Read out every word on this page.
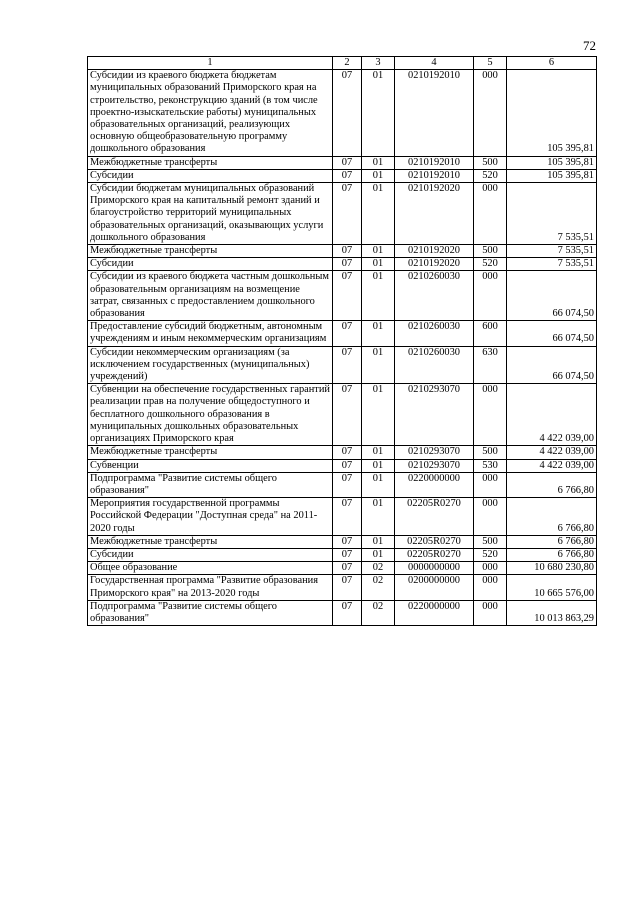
72
1	2	3	4	5	6
Субсидии из краевого бюджета бюджетам муниципальных образований Приморского края на строительство, реконструкцию зданий (в том числе проектно-изыскательские работы) муниципальных образовательных организаций, реализующих основную общеобразовательную программу дошкольного образования	07	01	0210192010	000	105 395,81
Межбюджетные трансферты	07	01	0210192010	500	105 395,81
Субсидии	07	01	0210192010	520	105 395,81
Субсидии бюджетам муниципальных образований Приморского края на капитальный ремонт зданий и благоустройство территорий муниципальных образовательных организаций, оказывающих услуги дошкольного образования	07	01	0210192020	000	7 535,51
Межбюджетные трансферты	07	01	0210192020	500	7 535,51
Субсидии	07	01	0210192020	520	7 535,51
Субсидии из краевого бюджета частным дошкольным образовательным организациям на возмещение затрат, связанных с предоставлением дошкольного образования	07	01	0210260030	000	66 074,50
Предоставление субсидий бюджетным, автономным учреждениям и иным некоммерческим организациям	07	01	0210260030	600	66 074,50
Субсидии некоммерческим организациям (за исключением государственных (муниципальных) учреждений)	07	01	0210260030	630	66 074,50
Субвенции на обеспечение государственных гарантий реализации прав на получение общедоступного и бесплатного дошкольного образования в муниципальных дошкольных образовательных организациях Приморского края	07	01	0210293070	000	4 422 039,00
Межбюджетные трансферты	07	01	0210293070	500	4 422 039,00
Субвенции	07	01	0210293070	530	4 422 039,00
Подпрограмма "Развитие системы общего образования"	07	01	0220000000	000	6 766,80
Мероприятия государственной программы Российской Федерации "Доступная среда" на 2011-2020 годы	07	01	02205R0270	000	6 766,80
Межбюджетные трансферты	07	01	02205R0270	500	6 766,80
Субсидии	07	01	02205R0270	520	6 766,80
Общее образование	07	02	0000000000	000	10 680 230,80
Государственная программа "Развитие образования Приморского края" на 2013-2020 годы	07	02	0200000000	000	10 665 576,00
Подпрограмма "Развитие системы общего образования"	07	02	0220000000	000	10 013 863,29
